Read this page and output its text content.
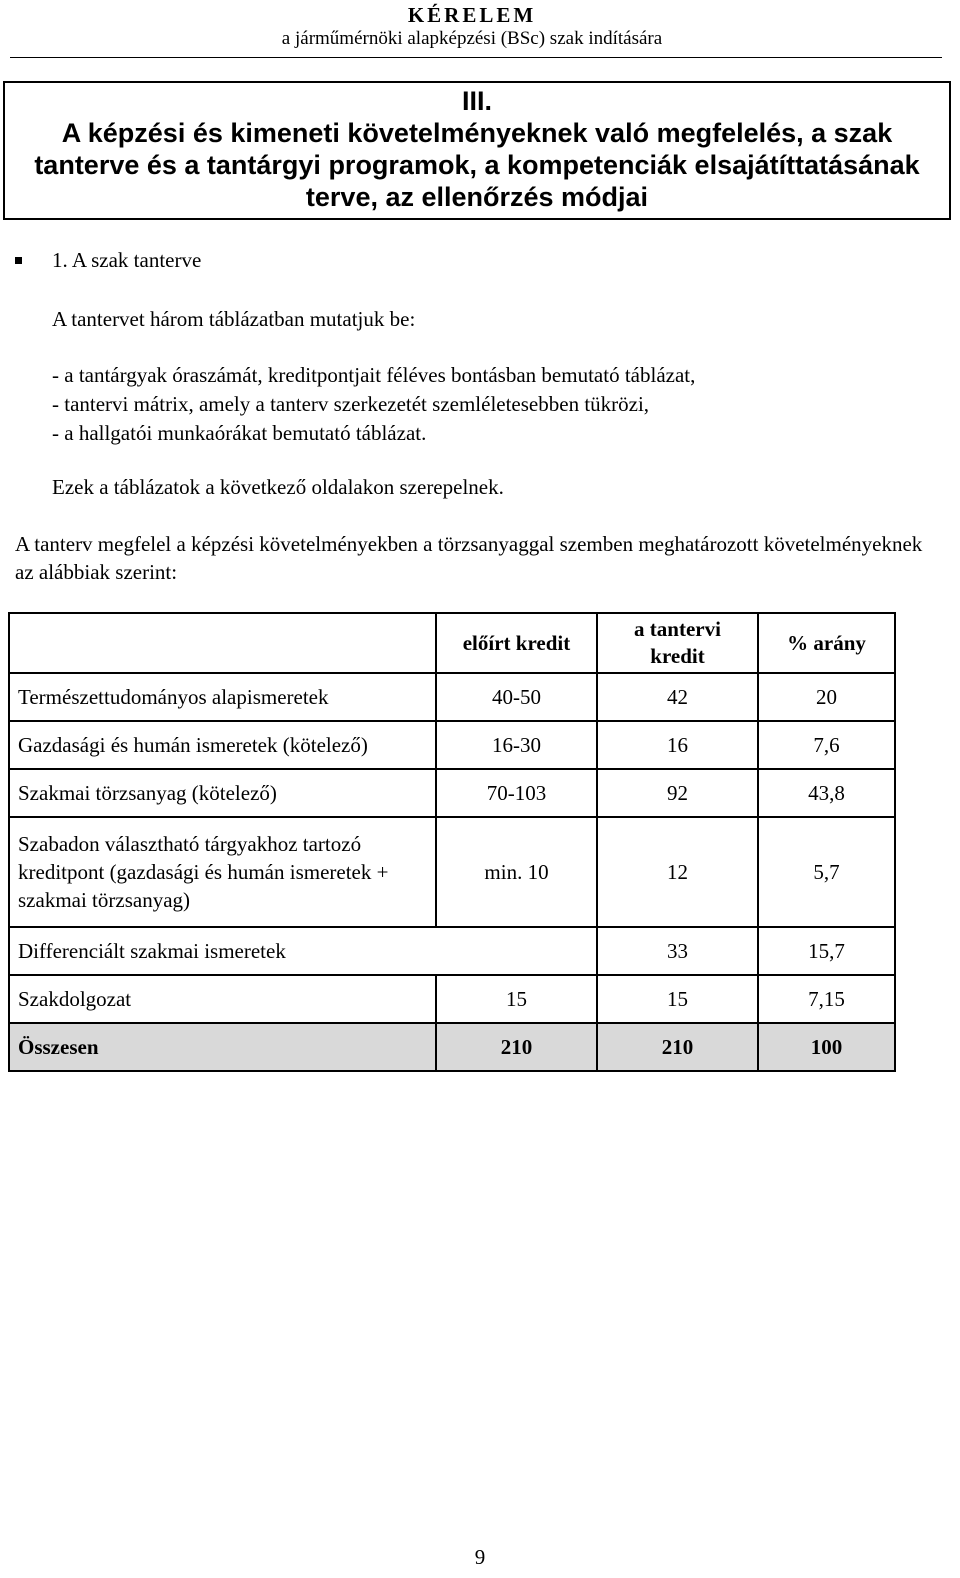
KÉRELEM
a járműmérnöki alapképzési (BSc) szak indítására
III.
A képzési és kimeneti követelményeknek való megfelelés, a szak tanterve és a tantárgyi programok, a kompetenciák elsajátíttatásának terve, az ellenőrzés módjai
1. A szak tanterve
A tantervet három táblázatban mutatjuk be:
- a tantárgyak óraszámát, kreditpontjait féléves bontásban bemutató táblázat,
- tantervi mátrix, amely a tanterv szerkezetét szemléletesebben tükrözi,
- a hallgatói munkaórákat bemutató táblázat.
Ezek a táblázatok a következő oldalakon szerepelnek.
A tanterv megfelel a képzési követelményekben a törzsanyaggal szemben meghatározott követelményeknek az alábbiak szerint:
	előírt kredit	a tantervi kredit	% arány
Természettudományos alapismeretek	40-50	42	20
Gazdasági és humán ismeretek (kötelező)	16-30	16	7,6
Szakmai törzsanyag (kötelező)	70-103	92	43,8
Szabadon választható tárgyakhoz tartozó kreditpont (gazdasági és humán ismeretek + szakmai törzsanyag)	min. 10	12	5,7
Differenciált szakmai ismeretek		33	15,7
Szakdolgozat	15	15	7,15
Összesen	210	210	100
9
